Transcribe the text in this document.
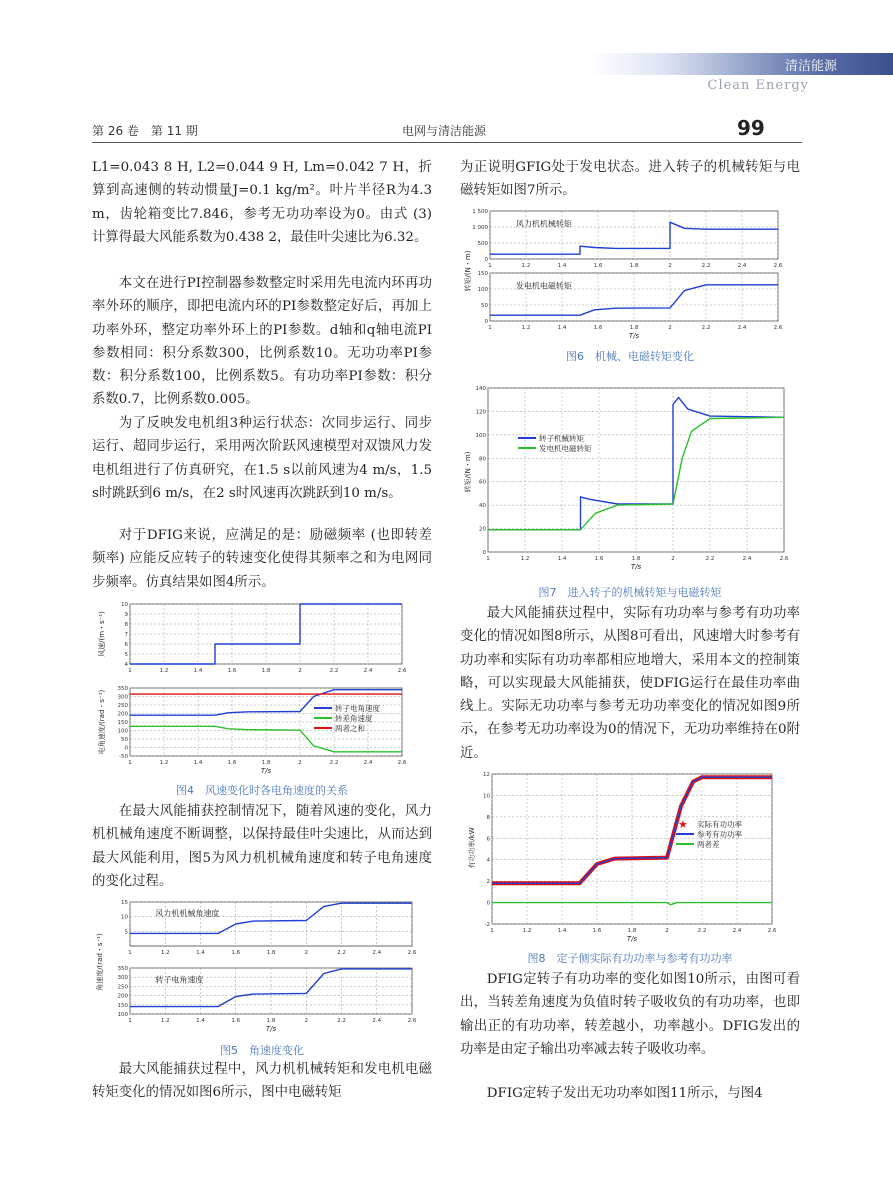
清洁能源
Clean Energy
第 26 卷　第 11 期	电网与清洁能源	99
L1=0.043 8 H, L2=0.044 9 H, Lm=0.042 7 H，折算到高速侧的转动惯量J=0.1 kg/m²。叶片半径R为4.3 m，齿轮箱变比7.846，参考无功功率设为0。由式 (3) 计算得最大风能系数为0.438 2，最佳叶尖速比为6.32。
本文在进行PI控制器参数整定时采用先电流内环再功率外环的顺序，即把电流内环的PI参数整定好后，再加上功率外环，整定功率外环上的PI参数。d轴和q轴电流PI参数相同：积分系数300，比例系数10。无功功率PI参数：积分系数100，比例系数5。有功功率PI参数：积分系数0.7，比例系数0.005。
为了反映发电机组3种运行状态：次同步运行、同步运行、超同步运行，采用两次阶跃风速模型对双馈风力发电机组进行了仿真研究，在1.5 s以前风速为4 m/s，1.5 s时跳跃到6 m/s，在2 s时风速再次跳跃到10 m/s。
对于DFIG来说，应满足的是：励磁频率 (也即转差频率) 应能反应转子的转速变化使得其频率之和为电网同步频率。仿真结果如图4所示。
1	1.2	1.4	1.6	1.8	2	2.2	2.4	2.6
4
5
6
7
8
9
10
风速/(m・s⁻¹)
1	1.2	1.4	1.6	1.8	2	2.2	2.4	2.6
-50
0
50
100
150
200
250
300
350
T/s
电角速度/(rad・s⁻¹)	转子电角速度
转差角速度
两者之和
图4　风速变化时各电角速度的关系
在最大风能捕获控制情况下，随着风速的变化，风力机机械角速度不断调整，以保持最佳叶尖速比，从而达到最大风能利用，图5为风力机机械角速度和转子电角速度的变化过程。
1	1.2	1.4	1.6	1.8	2	2.2	2.4	2.6
5
10
15
风力机机械角速度
角速度/(rad・s⁻¹)
1	1.2	1.4	1.6	1.8	2	2.2	2.4	2.6
100
150
200
250
300
350
转子电角速度
T/s
图5　角速度变化
最大风能捕获过程中，风力机机械转矩和发电机电磁转矩变化的情况如图6所示，图中电磁转矩
为正说明GFIG处于发电状态。进入转子的机械转矩与电磁转矩如图7所示。
1	1.2	1.4	1.6	1.8	2	2.2	2.4	2.6
0
500
1 000
1 500
风力机机械转矩
转矩/(N・m)
1	1.2	1.4	1.6	1.8	2	2.2	2.4	2.6
0
50
100
150
发电机电磁转矩
T/s
图6　机械、电磁转矩变化
1	1.2	1.4	1.6	1.8	2	2.2	2.4	2.6
0
20
40
60
80
100
120
140
T/s
转矩/(N・m)
转子机械转矩
发电机电磁转矩
图7　进入转子的机械转矩与电磁转矩
最大风能捕获过程中，实际有功功率与参考有功功率变化的情况如图8所示，从图8可看出，风速增大时参考有功功率和实际有功功率都相应地增大，采用本文的控制策略，可以实现最大风能捕获，使DFIG运行在最佳功率曲线上。实际无功功率与参考无功功率变化的情况如图9所示，在参考无功功率设为0的情况下，无功功率维持在0附近。
1	1.2	1.4	1.6	1.8	2	2.2	2.4	2.6
-2
0
2
4
6
8
10
12
T/s
有功功率/kW
★ 实际有功功率
参考有功功率
两者差
图8　定子侧实际有功功率与参考有功功率
DFIG定转子有功功率的变化如图10所示，由图可看出，当转差角速度为负值时转子吸收负的有功功率，也即输出正的有功功率，转差越小，功率越小。DFIG发出的功率是由定子输出功率减去转子吸收功率。
DFIG定转子发出无功功率如图11所示，与图4
